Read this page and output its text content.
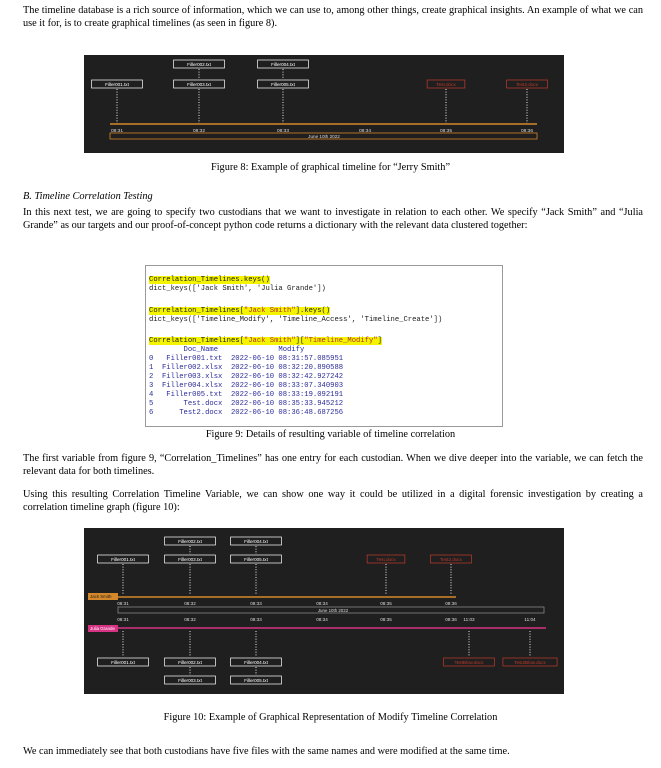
The timeline database is a rich source of information, which we can use to, among other things, create graphical insights. An example of what we can use it for, is to create graphical timelines (as seen in figure 8).

Filler002.txt	Filler004.txt
Filler001.txt	Filler003.txt	Filler005.txt	Test.docx	Test2.docx
08:31	08:32	08:33	08:34	08:35	08:36
June 10th 2022

Figure 8: Example of graphical timeline for “Jerry Smith”

B. Timeline Correlation Testing

In this next test, we are going to specify two custodians that we want to investigate in relation to each other. We specify “Jack Smith” and “Julia Grande” as our targets and our proof-of-concept python code returns a dictionary with the relevant data clustered together:

Correlation_Timelines.keys()
dict_keys(['Jack Smith', 'Julia Grande'])
Correlation_Timelines["Jack Smith"].keys()
dict_keys(['Timeline_Modify', 'Timeline_Access', 'Timeline_Create'])
Correlation_Timelines["Jack Smith"]["Timeline_Modify"]
Doc_Name              Modify
0   Filler001.txt  2022-06-10 08:31:57.085951
1  Filler002.xlsx  2022-06-10 08:32:20.890588
2  Filler003.xlsx  2022-06-10 08:32:42.927242
3  Filler004.xlsx  2022-06-10 08:33:07.340903
4   Filler005.txt  2022-06-10 08:33:19.092191
5       Test.docx  2022-06-10 08:35:33.945212
6      Test2.docx  2022-06-10 08:36:48.687256

Figure 9: Details of resulting variable of timeline correlation

The first variable from figure 9, “Correlation_Timelines” has one entry for each custodian. When we dive deeper into the variable, we can fetch the relevant data for both timelines.

Using this resulting Correlation Timeline Variable, we can show one way it could be utilized in a digital forensic investigation by creating a correlation timeline graph (figure 10):

Filler002.txt	Filler004.txt
Filler001.txt	Filler003.txt	Filler005.txt	Test.docx	Test2.docx
Jack Smith
08:31	08:32	08:33	08:34	08:35	08:36
June 10th 2022
08:31	08:32	08:33	08:34	08:35	08:36 11:03	11:04
Julia Grande
Filler001.txt	Filler002.txt	Filler004.txt	TestBlow.docx	Test2Blow.docx
Filler003.txt	Filler005.txt

Figure 10: Example of Graphical Representation of Modify Timeline Correlation

We can immediately see that both custodians have five files with the same names and were modified at the same time.
